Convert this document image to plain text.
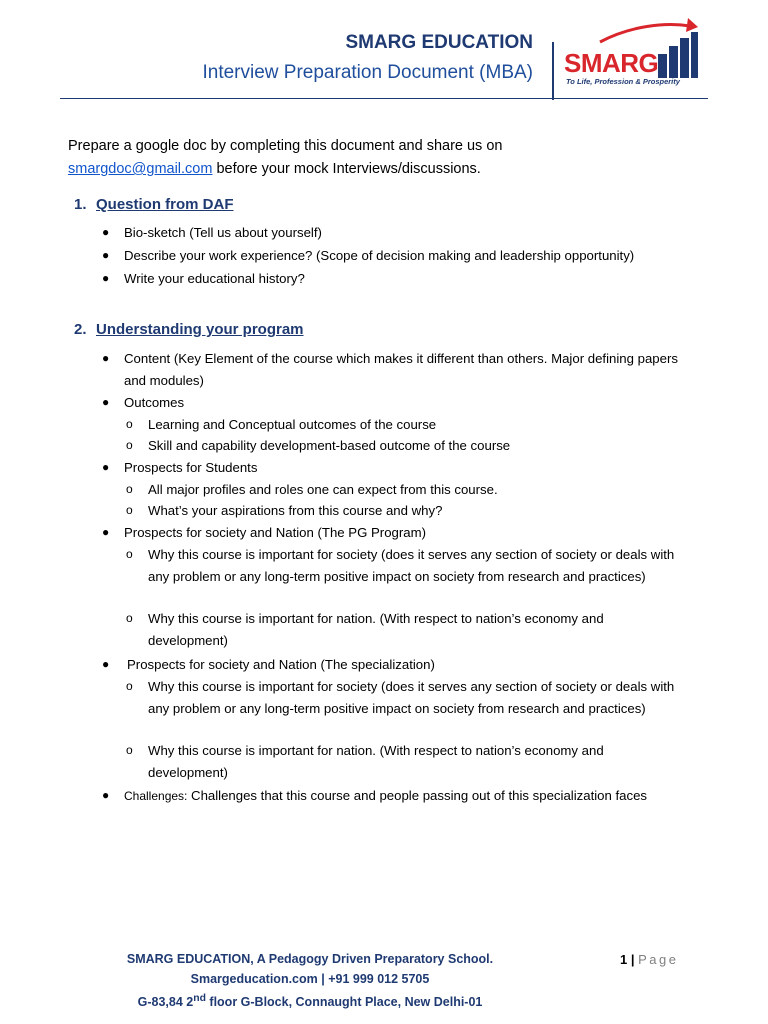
SMARG EDUCATION
Interview Preparation Document (MBA) SMARG
To Life, Profession & Prosperity
Prepare a google doc by completing this document and share us on
smargdoc@gmail.com before your mock Interviews/discussions.
1. Question from DAF
● Bio-sketch (Tell us about yourself)
● Describe your work experience? (Scope of decision making and leadership opportunity)
● Write your educational history?
2. Understanding your program
● Content (Key Element of the course which makes it different than others. Major defining papers and modules)
● Outcomes
o Learning and Conceptual outcomes of the course
o Skill and capability development-based outcome of the course
● Prospects for Students
o All major profiles and roles one can expect from this course.
o What’s your aspirations from this course and why?
● Prospects for society and Nation (The PG Program)
o Why this course is important for society (does it serves any section of society or deals with any problem or any long-term positive impact on society from research and practices)
o Why this course is important for nation. (With respect to nation’s economy and development)
● Prospects for society and Nation (The specialization)
o Why this course is important for society (does it serves any section of society or deals with any problem or any long-term positive impact on society from research and practices)
o Why this course is important for nation. (With respect to nation’s economy and development)
● Challenges: Challenges that this course and people passing out of this specialization faces
SMARG EDUCATION, A Pedagogy Driven Preparatory School.
Smargeducation.com | +91 999 012 5705
G-83,84 2nd floor G-Block, Connaught Place, New Delhi-01
1 | Page
